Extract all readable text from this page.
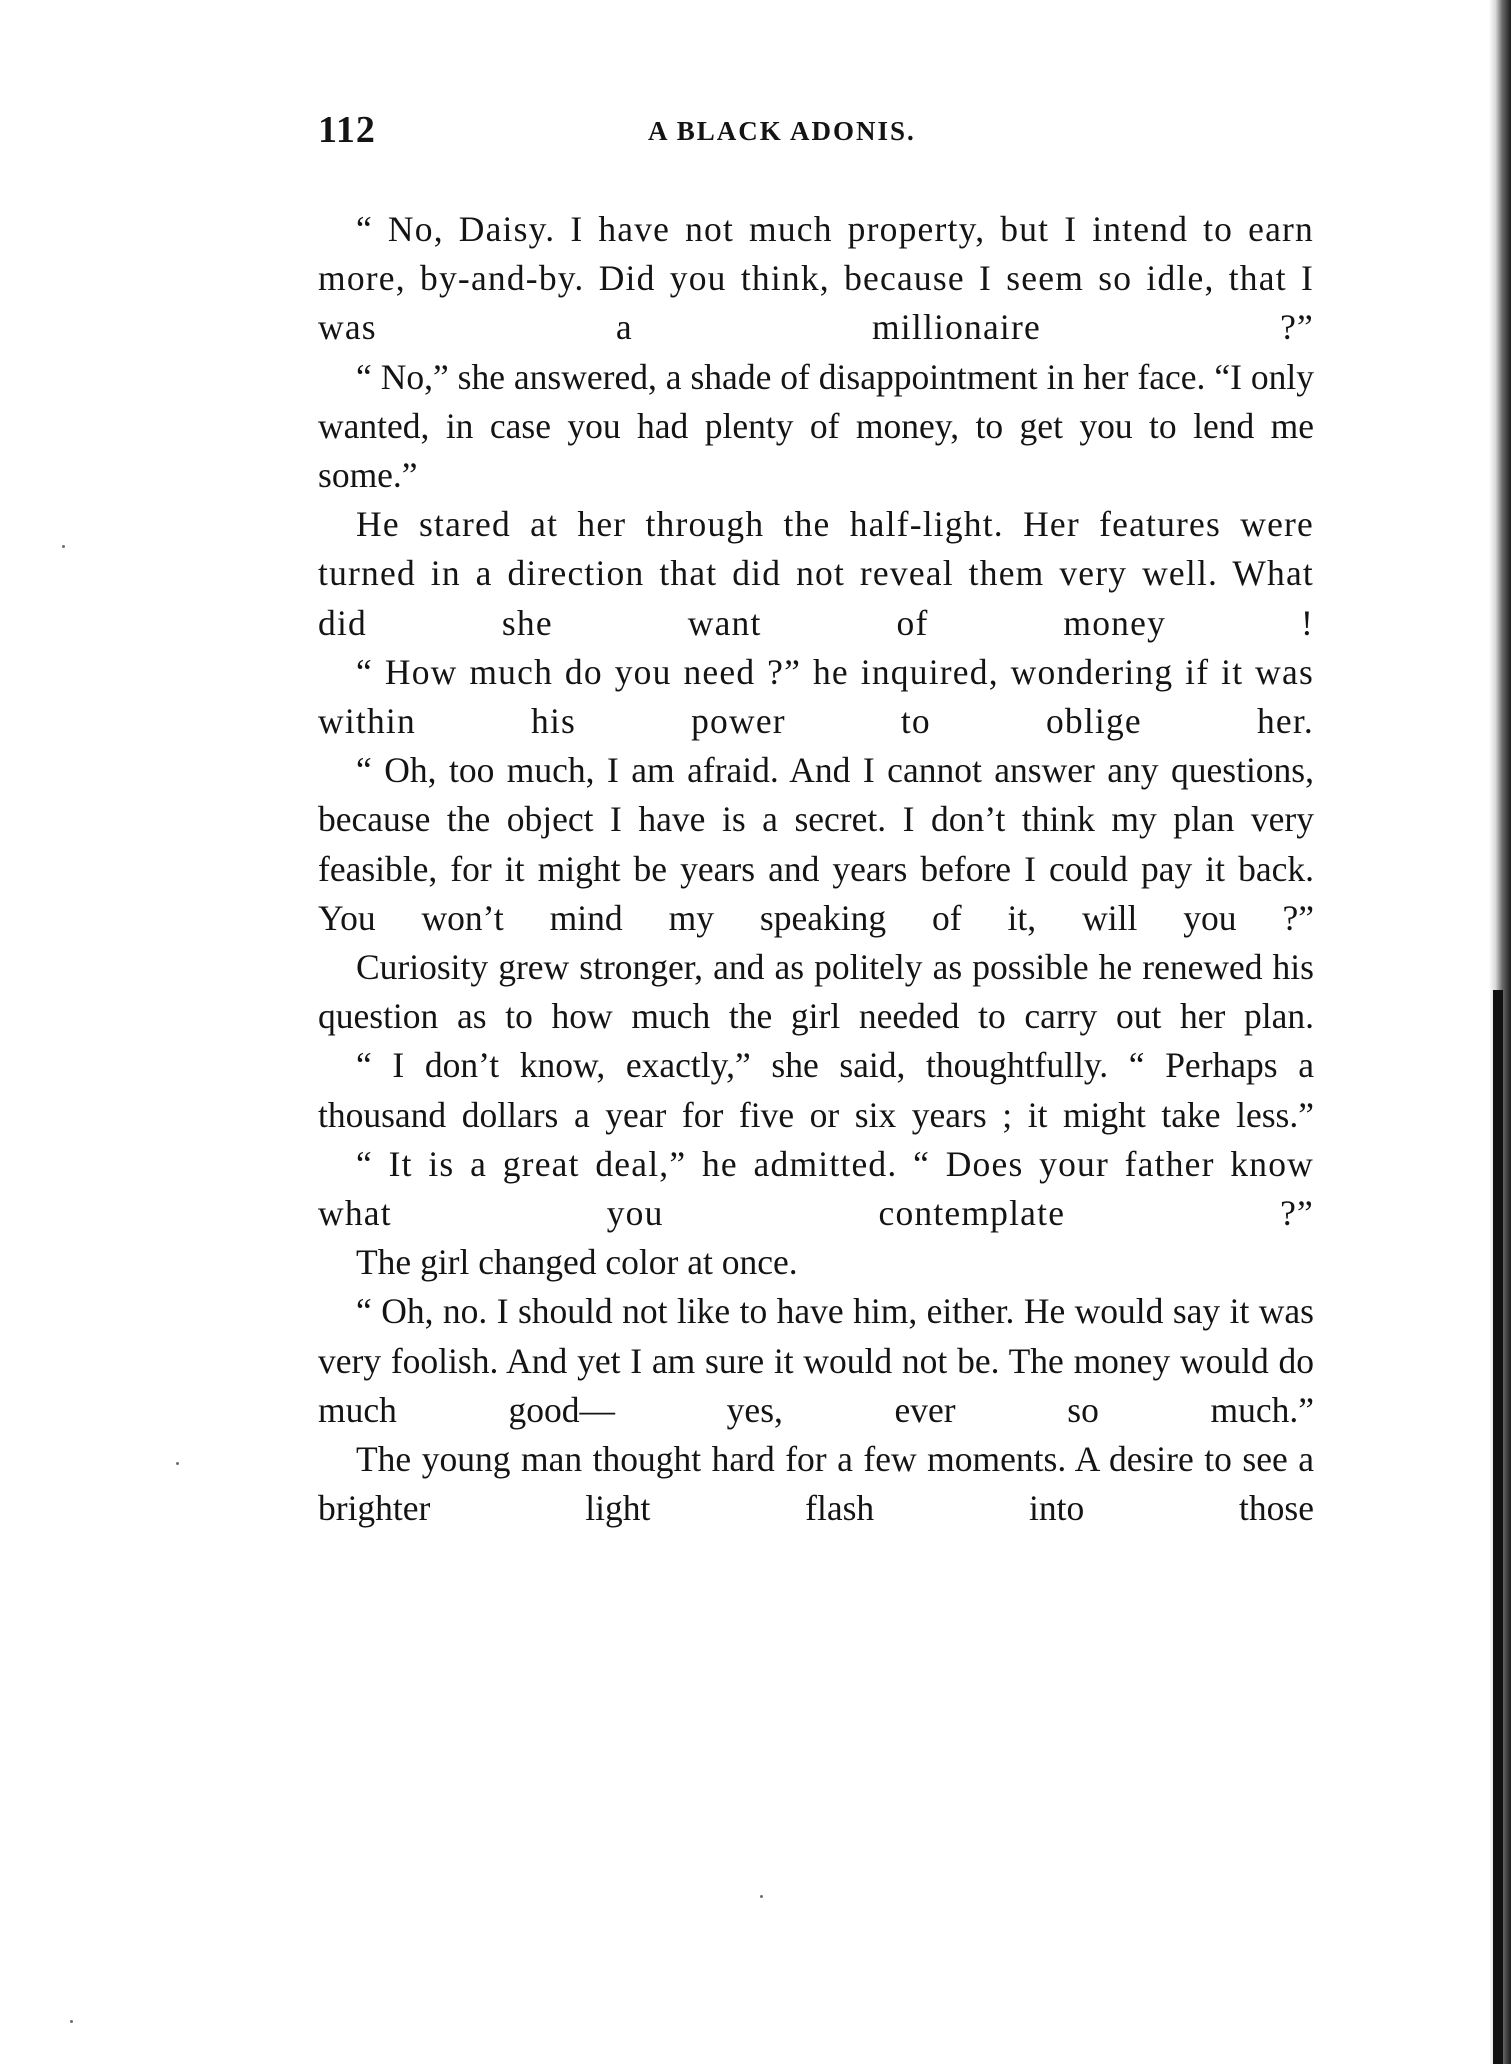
112	A BLACK ADONIS.

“ No, Daisy. I have not much property, but I intend to earn more, by-and-by. Did you think, because I seem so idle, that I was a millionaire ?”

“ No,” she answered, a shade of disappointment in her face. “I only wanted, in case you had plenty of money, to get you to lend me some.”

He stared at her through the half-light. Her features were turned in a direction that did not reveal them very well. What did she want of money !

“ How much do you need ?” he inquired, wondering if it was within his power to oblige her.

“ Oh, too much, I am afraid. And I cannot answer any questions, because the object I have is a secret. I don’t think my plan very feasible, for it might be years and years before I could pay it back. You won’t mind my speaking of it, will you ?”

Curiosity grew stronger, and as politely as possible he renewed his question as to how much the girl needed to carry out her plan.

“ I don’t know, exactly,” she said, thoughtfully. “ Perhaps a thousand dollars a year for five or six years ; it might take less.”

“ It is a great deal,” he admitted. “ Does your father know what you contemplate ?”

The girl changed color at once.

“ Oh, no. I should not like to have him, either. He would say it was very foolish. And yet I am sure it would not be. The money would do much good— yes, ever so much.”

The young man thought hard for a few moments. A desire to see a brighter light flash into those
